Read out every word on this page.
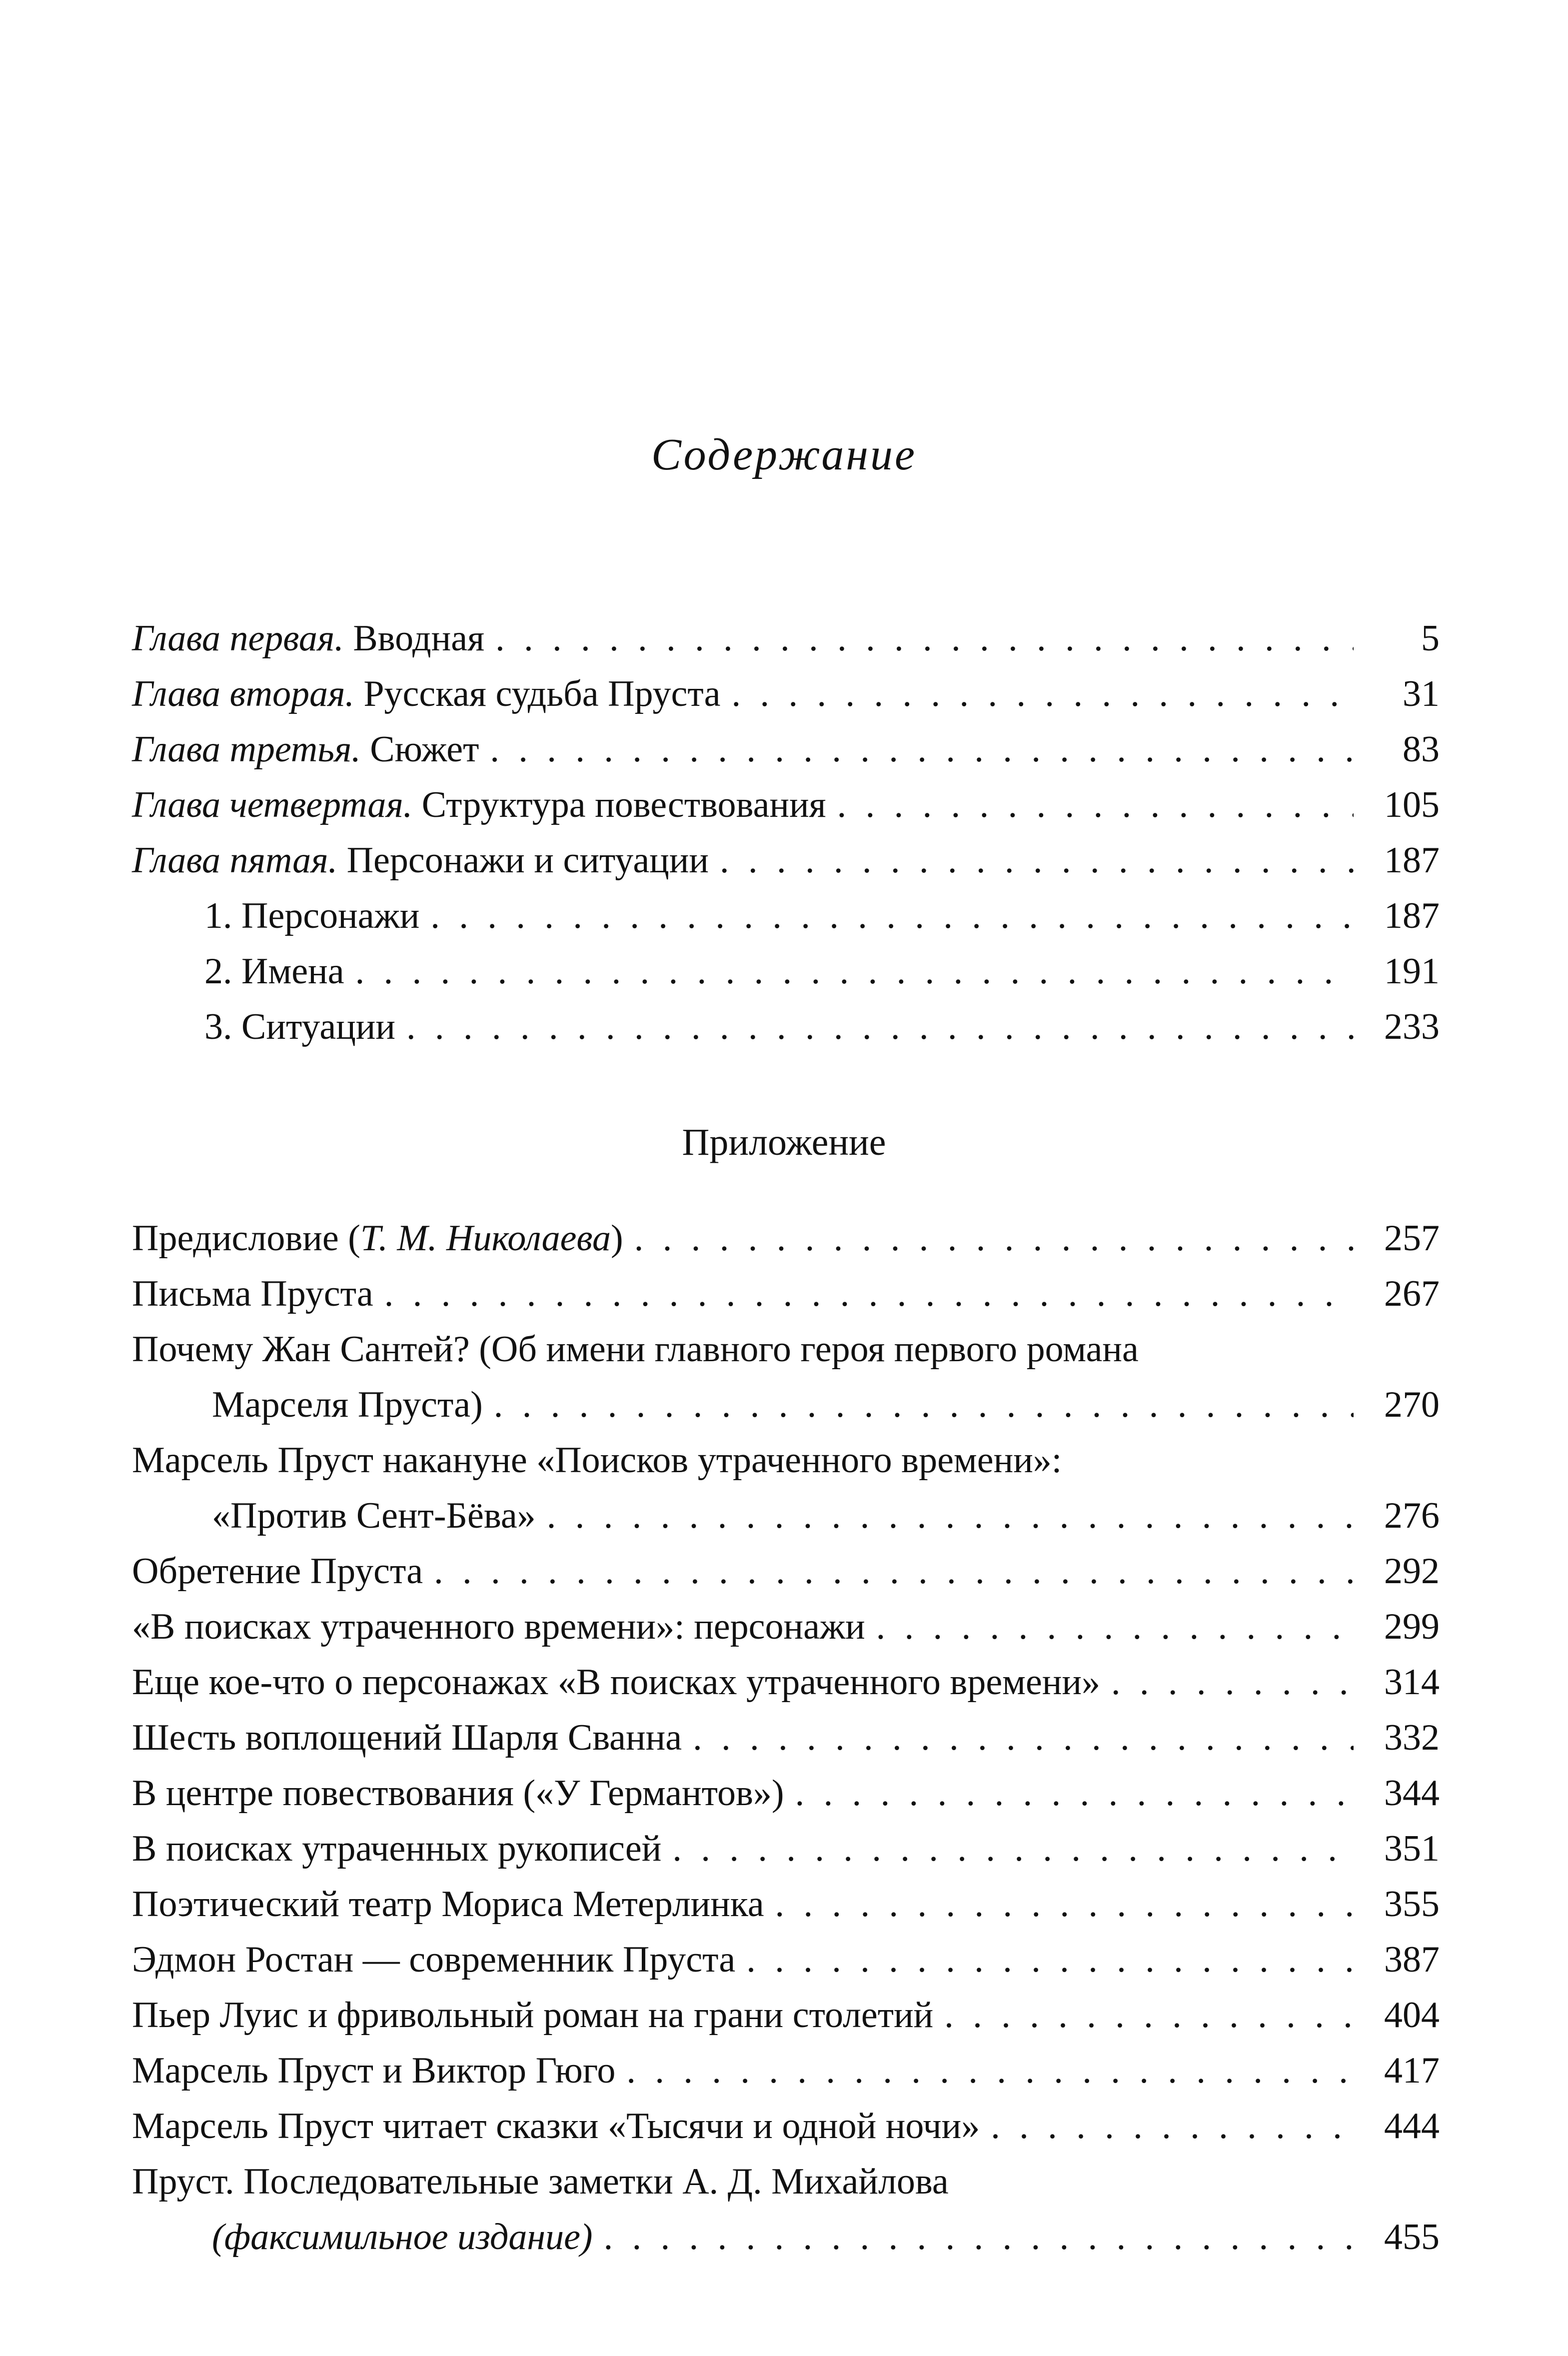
Содержание
Глава первая. Вводная . . .	5
Глава вторая. Русская судьба Пруста . . .	31
Глава третья. Сюжет . . .	83
Глава четвертая. Структура повествования . . .	105
Глава пятая. Персонажи и ситуации . . .	187
1. Персонажи . . .	187
2. Имена . . .	191
3. Ситуации . . .	233
Приложение
Предисловие (Т. М. Николаева) . . .	257
Письма Пруста . . .	267
Почему Жан Сантей? (Об имени главного героя первого романа
Марселя Пруста) . . .	270
Марсель Пруст накануне «Поисков утраченного времени»:
«Против Сент-Бёва» . . .	276
Обретение Пруста . . .	292
«В поисках утраченного времени»: персонажи . . .	299
Еще кое-что о персонажах «В поисках утраченного времени» . . .	314
Шесть воплощений Шарля Сванна . . .	332
В центре повествования («У Германтов») . . .	344
В поисках утраченных рукописей . . .	351
Поэтический театр Мориса Метерлинка . . .	355
Эдмон Ростан — современник Пруста . . .	387
Пьер Луис и фривольный роман на грани столетий . . .	404
Марсель Пруст и Виктор Гюго . . .	417
Марсель Пруст читает сказки «Тысячи и одной ночи» . . .	444
Пруст. Последовательные заметки А. Д. Михайлова
(факсимильное издание) . . .	455
